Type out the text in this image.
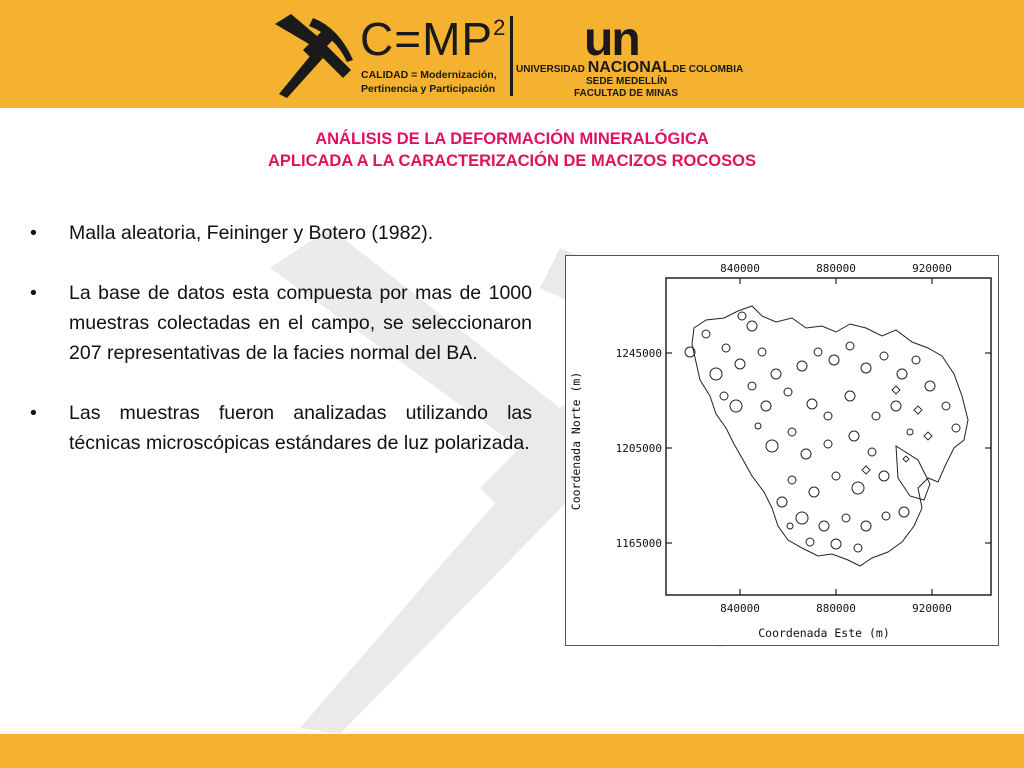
$C=MP^2$
CALIDAD = Modernización,
Pertinencia y Participación
un
UNIVERSIDAD NACIONALDE COLOMBIA
SEDE MEDELLÍN
FACULTAD DE MINAS
ANÁLISIS DE LA DEFORMACIÓN MINERALÓGICA
APLICADA A LA CARACTERIZACIÓN DE MACIZOS ROCOSOS
• Malla aleatoria, Feininger y Botero (1982).
• La base de datos esta compuesta por mas de 1000 muestras colectadas en el campo, se seleccionaron 207 representativas de la facies normal del BA.
• Las muestras fueron analizadas utilizando las técnicas microscópicas estándares de luz polarizada.
840000	880000	920000
840000	880000	920000
1245000
1205000
1165000
Coordenada Este (m)
Coordenada Norte (m)
